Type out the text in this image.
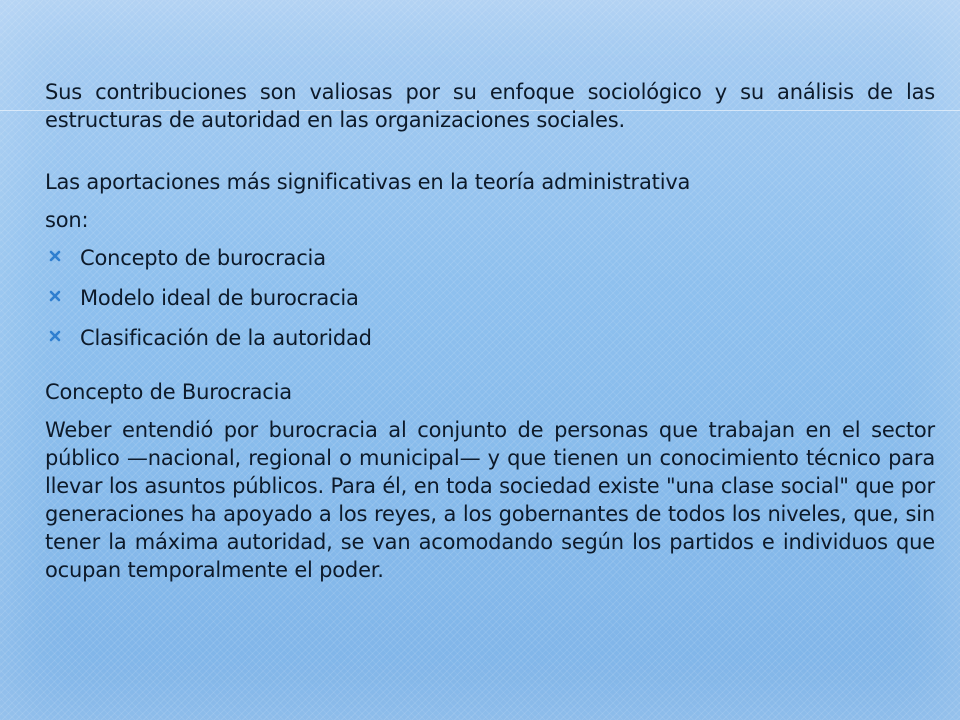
Sus contribuciones son valiosas por su enfoque sociológico y su análisis de las estructuras de autoridad en las organizaciones sociales.

Las aportaciones más significativas en la teoría administrativa
son:
Concepto de burocracia
Modelo ideal de burocracia
Clasificación de la autoridad
Concepto de Burocracia

Weber entendió por burocracia al conjunto de personas que trabajan en el sector público —nacional, regional o municipal— y que tienen un conocimiento técnico para llevar los asuntos públicos. Para él, en toda sociedad existe "una clase social" que por generaciones ha apoyado a los reyes, a los gobernantes de todos los niveles, que, sin tener la máxima autoridad, se van acomodando según los partidos e individuos que ocupan temporalmente el poder.
